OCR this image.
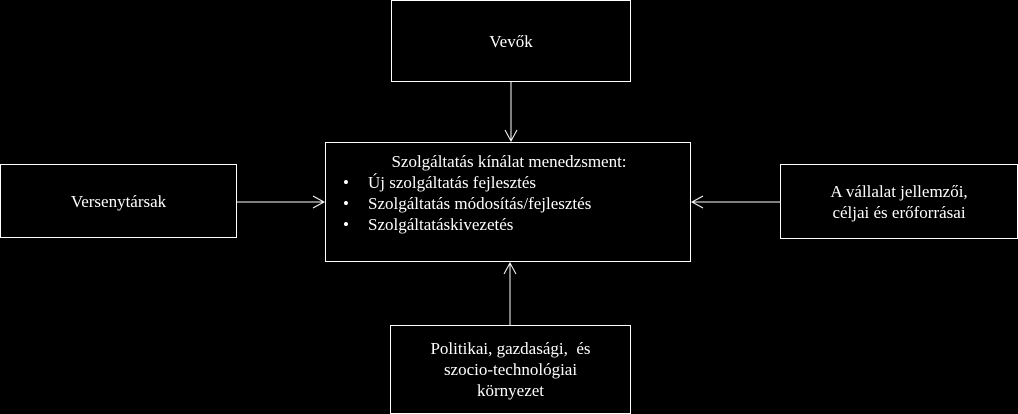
Vevők
Versenytársak
A vállalat jellemzői,
céljai és erőforrásai
Politikai, gazdasági,  és
szocio-technológiai
környezet
Szolgáltatás kínálat menedzsment:
• Új szolgáltatás fejlesztés
• Szolgáltatás módosítás/fejlesztés
• Szolgáltatáskivezetés
